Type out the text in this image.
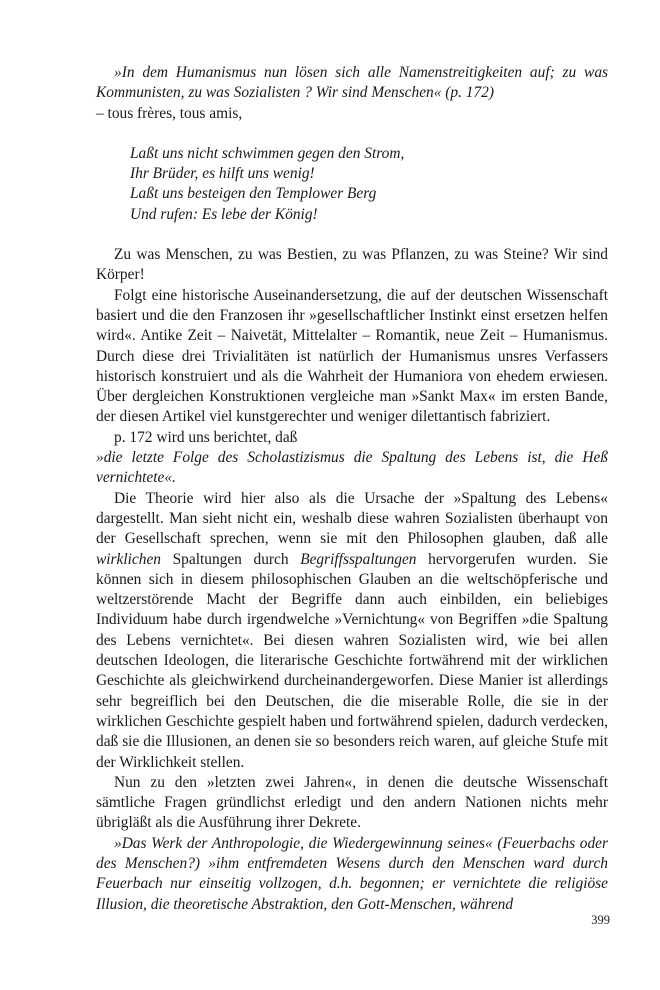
»In dem Humanismus nun lösen sich alle Namenstreitigkeiten auf; zu was Kommunisten, zu was Sozialisten ? Wir sind Menschen« (p. 172)

– tous frères, tous amis,

Laßt uns nicht schwimmen gegen den Strom,
Ihr Brüder, es hilft uns wenig!
Laßt uns besteigen den Templower Berg
Und rufen: Es lebe der König!

Zu was Menschen, zu was Bestien, zu was Pflanzen, zu was Steine? Wir sind Körper!

Folgt eine historische Auseinandersetzung, die auf der deutschen Wissenschaft basiert und die den Franzosen ihr »gesellschaftlicher Instinkt einst ersetzen helfen wird«. Antike Zeit – Naivetät, Mittelalter – Romantik, neue Zeit – Humanismus. Durch diese drei Trivialitäten ist natürlich der Humanismus unsres Verfassers historisch konstruiert und als die Wahrheit der Humaniora von ehedem erwiesen. Über dergleichen Konstruktionen vergleiche man »Sankt Max« im ersten Bande, der diesen Artikel viel kunstgerechter und weniger dilettantisch fabriziert.

p. 172 wird uns berichtet, daß

»die letzte Folge des Scholastizismus die Spaltung des Lebens ist, die Heß vernichtete«.

Die Theorie wird hier also als die Ursache der »Spaltung des Lebens« dargestellt. Man sieht nicht ein, weshalb diese wahren Sozialisten überhaupt von der Gesellschaft sprechen, wenn sie mit den Philosophen glauben, daß alle wirklichen Spaltungen durch Begriffsspaltungen hervorgerufen wurden. Sie können sich in diesem philosophischen Glauben an die weltschöpferische und weltzerstörende Macht der Begriffe dann auch einbilden, ein beliebiges Individuum habe durch irgendwelche »Vernichtung« von Begriffen »die Spaltung des Lebens vernichtet«. Bei diesen wahren Sozialisten wird, wie bei allen deutschen Ideologen, die literarische Geschichte fortwährend mit der wirklichen Geschichte als gleichwirkend durcheinandergeworfen. Diese Manier ist allerdings sehr begreiflich bei den Deutschen, die die miserable Rolle, die sie in der wirklichen Geschichte gespielt haben und fortwährend spielen, dadurch verdecken, daß sie die Illusionen, an denen sie so besonders reich waren, auf gleiche Stufe mit der Wirklichkeit stellen.

Nun zu den »letzten zwei Jahren«, in denen die deutsche Wissenschaft sämtliche Fragen gründlichst erledigt und den andern Nationen nichts mehr übrigläßt als die Ausführung ihrer Dekrete.

»Das Werk der Anthropologie, die Wiedergewinnung seines« (Feuerbachs oder des Menschen?) »ihm entfremdeten Wesens durch den Menschen ward durch Feuerbach nur einseitig vollzogen, d.h. begonnen; er vernichtete die religiöse Illusion, die theoretische Abstraktion, den Gott-Menschen, während

399
